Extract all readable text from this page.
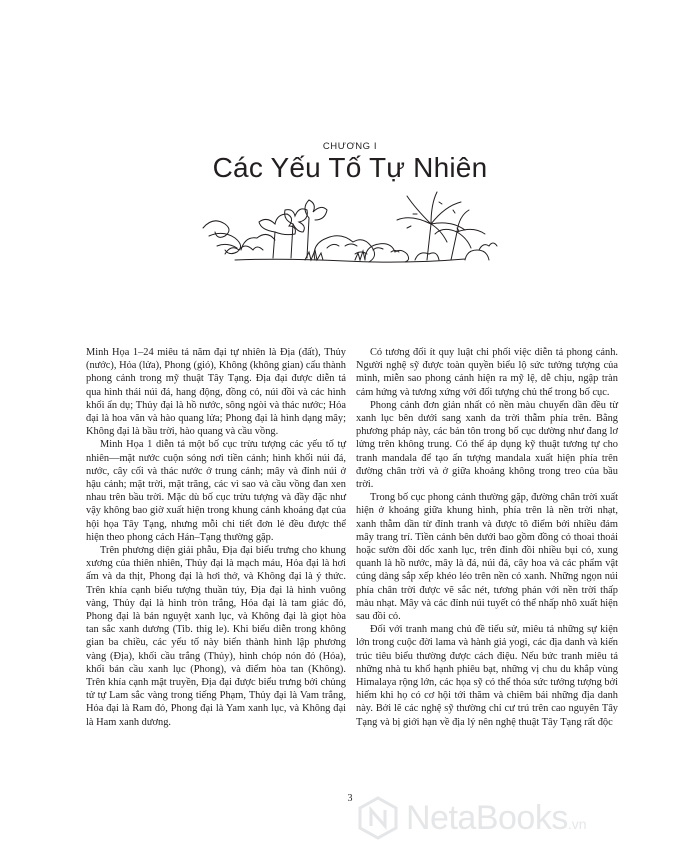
CHƯƠNG I
Các Yếu Tố Tự Nhiên

Minh Họa 1–24 miêu tả năm đại tự nhiên là Địa (đất), Thủy (nước), Hỏa (lửa), Phong (gió), Không (không gian) cấu thành phong cảnh trong mỹ thuật Tây Tạng. Địa đại được diễn tả qua hình thái núi đá, hang động, đồng cỏ, núi đồi và các hình khối ẩn dụ; Thủy đại là hồ nước, sông ngòi và thác nước; Hỏa đại là hoa văn và hào quang lửa; Phong đại là hình dạng mây; Không đại là bầu trời, hào quang và cầu vồng.

Minh Họa 1 diễn tả một bố cục trừu tượng các yếu tố tự nhiên—mặt nước cuộn sóng nơi tiền cảnh; hình khối núi đá, nước, cây cối và thác nước ở trung cảnh; mây và đỉnh núi ở hậu cảnh; mặt trời, mặt trăng, các vì sao và cầu vồng đan xen nhau trên bầu trời. Mặc dù bố cục trừu tượng và đầy đặc như vậy không bao giờ xuất hiện trong khung cảnh khoảng đạt của hội họa Tây Tạng, nhưng mỗi chi tiết đơn lẻ đều được thể hiện theo phong cách Hán–Tạng thường gặp.

Trên phương diện giải phẫu, Địa đại biểu trưng cho khung xương của thiên nhiên, Thủy đại là mạch máu, Hỏa đại là hơi ấm và da thịt, Phong đại là hơi thở, và Không đại là ý thức. Trên khía cạnh biểu tượng thuần túy, Địa đại là hình vuông vàng, Thủy đại là hình tròn trắng, Hỏa đại là tam giác đỏ, Phong đại là bán nguyệt xanh lục, và Không đại là giọt hòa tan sắc xanh dương (Tib. thig le). Khi biểu diễn trong không gian ba chiều, các yếu tố này biến thành hình lập phương vàng (Địa), khối cầu trắng (Thủy), hình chóp nón đỏ (Hỏa), khối bán cầu xanh lục (Phong), và điểm hòa tan (Không). Trên khía cạnh mật truyền, Địa đại được biểu trưng bởi chủng tử tự Lam sắc vàng trong tiếng Phạm, Thủy đại là Vam trắng, Hỏa đại là Ram đỏ, Phong đại là Yam xanh lục, và Không đại là Ham xanh dương.

Có tương đối ít quy luật chi phối việc diễn tả phong cảnh. Người nghệ sỹ được toàn quyền biểu lộ sức tưởng tượng của mình, miễn sao phong cảnh hiện ra mỹ lệ, dễ chịu, ngập tràn cảm hứng và tương xứng với đối tượng chủ thể trong bố cục.

Phong cảnh đơn giản nhất có nền màu chuyển dần đều từ xanh lục bên dưới sang xanh da trời thẫm phía trên. Bằng phương pháp này, các bản tôn trong bố cục dường như đang lơ lửng trên không trung. Có thể áp dụng kỹ thuật tương tự cho tranh mandala để tạo ấn tượng mandala xuất hiện phía trên đường chân trời và ở giữa khoảng không trong treo của bầu trời.

Trong bố cục phong cảnh thường gặp, đường chân trời xuất hiện ở khoảng giữa khung hình, phía trên là nền trời nhạt, xanh thẫm dần từ đỉnh tranh và được tô điểm bởi nhiều đám mây trang trí. Tiền cảnh bên dưới bao gồm đồng cỏ thoai thoải hoặc sườn đồi dốc xanh lục, trên đỉnh đồi nhiều bụi cỏ, xung quanh là hồ nước, mây là đá, núi đá, cây hoa và các phẩm vật cúng dàng sắp xếp khéo léo trên nền cỏ xanh. Những ngọn núi phía chân trời được vẽ sắc nét, tương phản với nền trời thấp màu nhạt. Mây và các đỉnh núi tuyết có thể nhấp nhô xuất hiện sau đồi cỏ.

Đối với tranh mang chủ đề tiểu sử, miêu tả những sự kiện lớn trong cuộc đời lama và hành giả yogi, các địa danh và kiến trúc tiêu biểu thường được cách điệu. Nếu bức tranh miêu tả những nhà tu khổ hạnh phiêu bạt, những vị chu du khắp vùng Himalaya rộng lớn, các họa sỹ có thể thỏa sức tưởng tượng bởi hiếm khi họ có cơ hội tới thăm và chiêm bái những địa danh này. Bởi lẽ các nghệ sỹ thường chỉ cư trú trên cao nguyên Tây Tạng và bị giới hạn về địa lý nên nghệ thuật Tây Tạng rất độc

3	NetaBooks.vn
